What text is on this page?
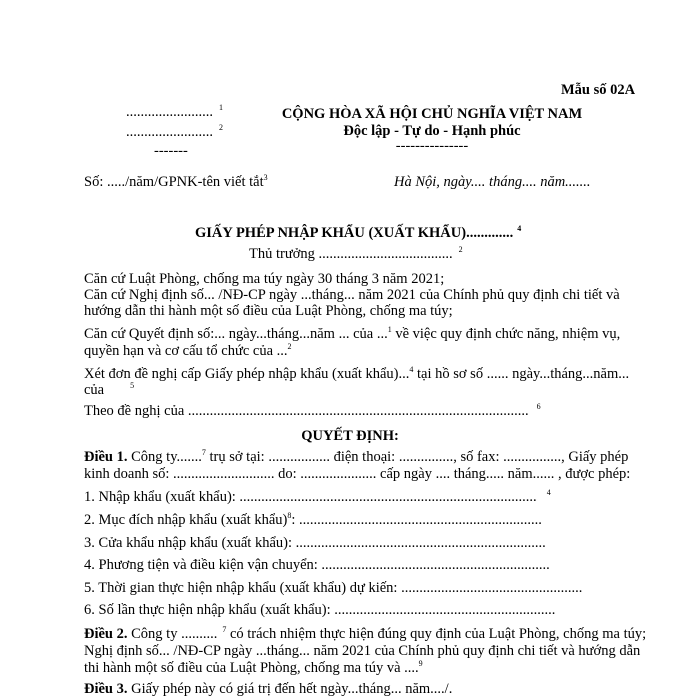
Mẫu số 02A
........................ $^1$
........................ $^2$
-------
CỘNG HÒA XÃ HỘI CHỦ NGHĨA VIỆT NAM
Độc lập - Tự do - Hạnh phúc
---------------
Số: ...../năm/GPNK-tên viết tắt$^3$	Hà Nội, ngày.... tháng.... năm.......
GIẤY PHÉP NHẬP KHẨU (XUẤT KHẨU)............. $^4$
Thủ trưởng ..................................... $^2$
Căn cứ Luật Phòng, chống ma túy ngày 30 tháng 3 năm 2021;
Căn cứ Nghị định số... /NĐ-CP ngày ...tháng... năm 2021 của Chính phủ quy định chi tiết và
hướng dẫn thi hành một số điều của Luật Phòng, chống ma túy;
Căn cứ Quyết định số:... ngày...tháng...năm ... của ...$^1$ về việc quy định chức năng, nhiệm vụ,
quyền hạn và cơ cấu tổ chức của ...$^2$
Xét đơn đề nghị cấp Giấy phép nhập khẩu (xuất khẩu)...$^4$ tại hồ sơ số ...... ngày...tháng...năm...
của	$^5$
Theo đề nghị của .............................................................................................. $^6$
QUYẾT ĐỊNH:
Điều 1. Công ty.......$^7$ trụ sở tại: ................. điện thoại: ..............., số fax: ................, Giấy phép
kinh doanh số: ............................ do: ..................... cấp ngày .... tháng..... năm...... , được phép:
1. Nhập khẩu (xuất khẩu): .................................................................................. $^4$
2. Mục đích nhập khẩu (xuất khẩu)$^8$: ...................................................................
3. Cửa khẩu nhập khẩu (xuất khẩu): .....................................................................
4. Phương tiện và điều kiện vận chuyển: ...............................................................
5. Thời gian thực hiện nhập khẩu (xuất khẩu) dự kiến: ..................................................
6. Số lần thực hiện nhập khẩu (xuất khẩu): .............................................................
Điều 2. Công ty .......... $^7$ có trách nhiệm thực hiện đúng quy định của Luật Phòng, chống ma túy;
Nghị định số... /NĐ-CP ngày ...tháng... năm 2021 của Chính phủ quy định chi tiết và hướng dẫn
thi hành một số điều của Luật Phòng, chống ma túy và ....$^9$
Điều 3. Giấy phép này có giá trị đến hết ngày...tháng... năm..../.
